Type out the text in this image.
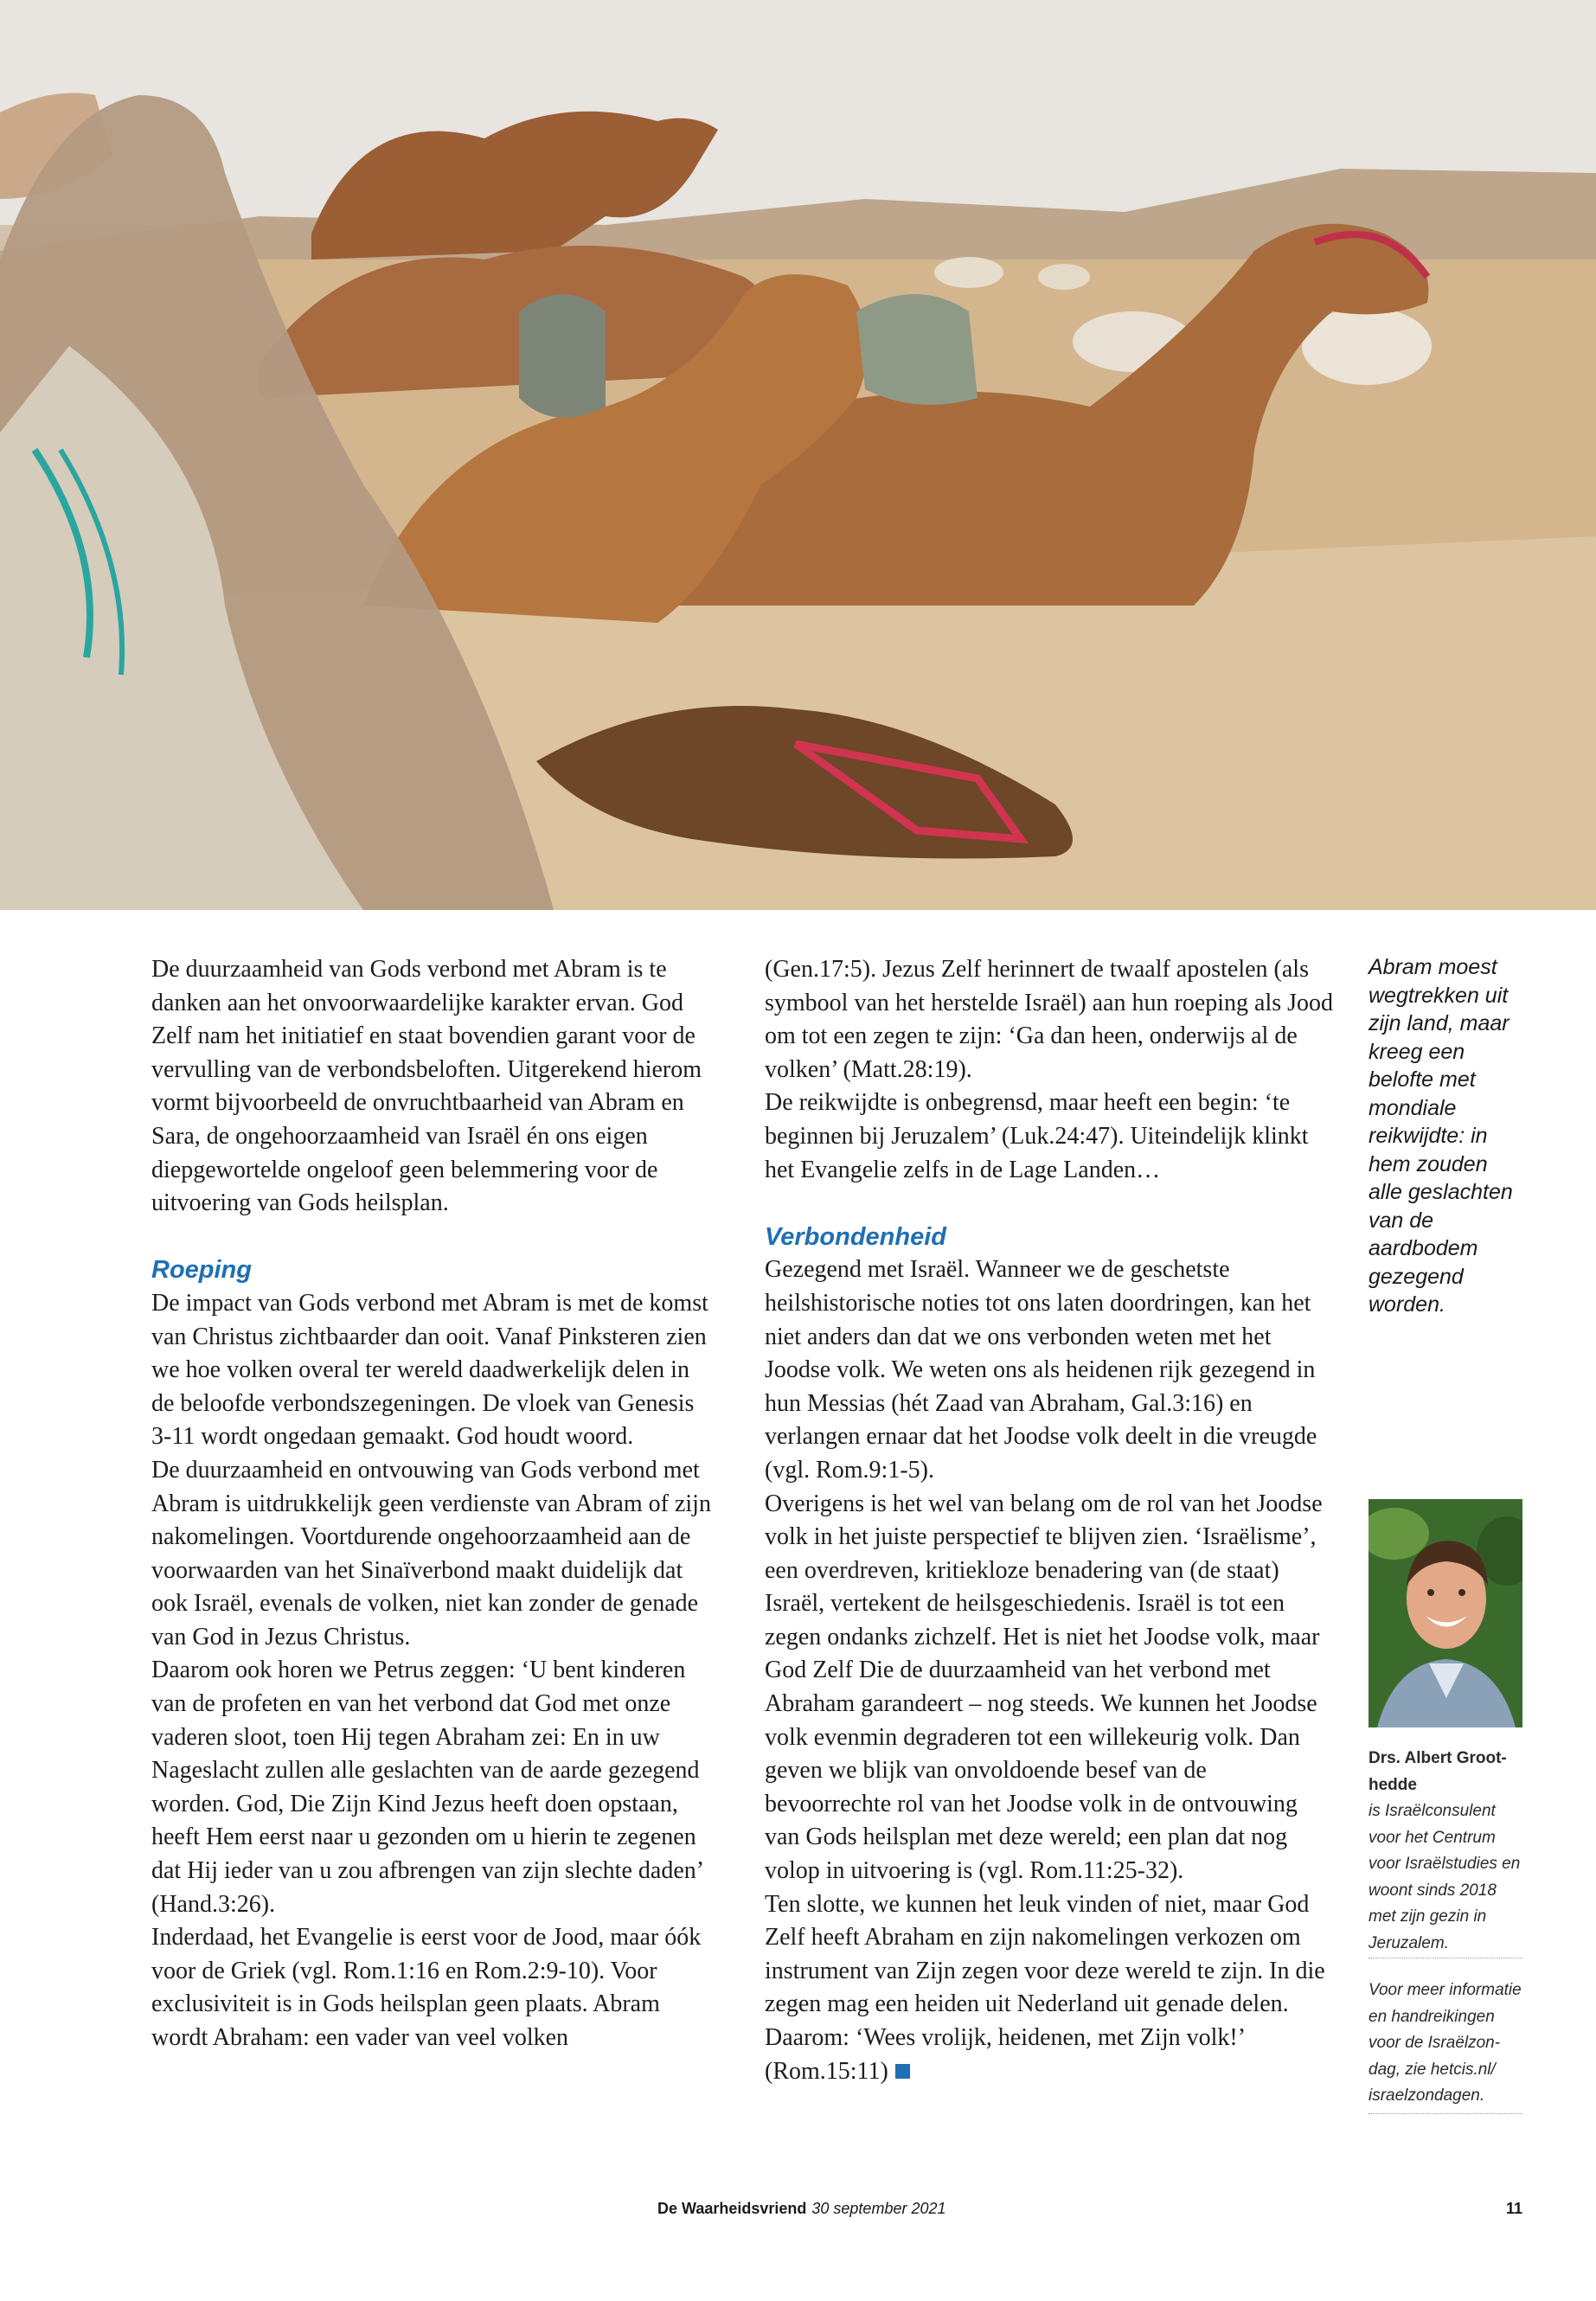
De duurzaamheid van Gods verbond met Abram is te danken aan het onvoorwaardelijke karakter ervan. God Zelf nam het initiatief en staat bovendien garant voor de vervulling van de verbondsbeloften. Uitgerekend hierom vormt bijvoorbeeld de onvruchtbaarheid van Abram en Sara, de ongehoorzaamheid van Israël én ons eigen diepgewortelde ongeloof geen belemmering voor de uitvoering van Gods heilsplan.

Roeping

De impact van Gods verbond met Abram is met de komst van Christus zichtbaarder dan ooit. Vanaf Pinksteren zien we hoe volken overal ter wereld daadwerkelijk delen in de beloofde verbondszegeningen. De vloek van Genesis 3-11 wordt ongedaan gemaakt. God houdt woord.

De duurzaamheid en ontvouwing van Gods verbond met Abram is uitdrukkelijk geen verdienste van Abram of zijn nakomelingen. Voortdurende ongehoorzaamheid aan de voorwaarden van het Sinaïverbond maakt duidelijk dat ook Israël, evenals de volken, niet kan zonder de genade van God in Jezus Christus.

Daarom ook horen we Petrus zeggen: ‘U bent kinderen van de profeten en van het verbond dat God met onze vaderen sloot, toen Hij tegen Abraham zei: En in uw Nageslacht zullen alle geslachten van de aarde gezegend worden. God, Die Zijn Kind Jezus heeft doen opstaan, heeft Hem eerst naar u gezonden om u hierin te zegenen dat Hij ieder van u zou afbrengen van zijn slechte daden’ (Hand.3:26).

Inderdaad, het Evangelie is eerst voor de Jood, maar óók voor de Griek (vgl. Rom.1:16 en Rom.2:9-10). Voor exclusiviteit is in Gods heilsplan geen plaats. Abram wordt Abraham: een vader van veel volken

(Gen.17:5). Jezus Zelf herinnert de twaalf apostelen (als symbool van het herstelde Israël) aan hun roeping als Jood om tot een zegen te zijn: ‘Ga dan heen, onderwijs al de volken’ (Matt.28:19).

De reikwijdte is onbegrensd, maar heeft een begin: ‘te beginnen bij Jeruzalem’ (Luk.24:47). Uiteindelijk klinkt het Evangelie zelfs in de Lage Landen…

Verbondenheid

Gezegend met Israël. Wanneer we de geschetste heilshistorische noties tot ons laten doordringen, kan het niet anders dan dat we ons verbonden weten met het Joodse volk. We weten ons als heidenen rijk gezegend in hun Messias (hét Zaad van Abraham, Gal.3:16) en verlangen ernaar dat het Joodse volk deelt in die vreugde (vgl. Rom.9:1-5).

Overigens is het wel van belang om de rol van het Joodse volk in het juiste perspectief te blijven zien. ‘Israëlisme’, een overdreven, kritiekloze benadering van (de staat) Israël, vertekent de heilsgeschiedenis. Israël is tot een zegen ondanks zichzelf. Het is niet het Joodse volk, maar God Zelf Die de duurzaamheid van het verbond met Abraham garandeert – nog steeds. We kunnen het Joodse volk evenmin degraderen tot een willekeurig volk. Dan geven we blijk van onvoldoende besef van de bevoorrechte rol van het Joodse volk in de ontvouwing van Gods heilsplan met deze wereld; een plan dat nog volop in uitvoering is (vgl. Rom.11:25-32).

Ten slotte, we kunnen het leuk vinden of niet, maar God Zelf heeft Abraham en zijn nakomelingen verkozen om instrument van Zijn zegen voor deze wereld te zijn. In die zegen mag een heiden uit Nederland uit genade delen. Daarom: ‘Wees vrolijk, heidenen, met Zijn volk!’ (Rom.15:11)

Abram moest wegtrekken uit zijn land, maar kreeg een belofte met mondiale reikwijdte: in hem zouden alle geslachten van de aardbodem gezegend worden.
Drs. Albert Groothedde
is Israëlconsulent voor het Centrum voor Israëlstudies en woont sinds 2018 met zijn gezin in Jeruzalem.
Voor meer informatie en handreikingen voor de Israëlzondag, zie hetcis.nl/ israelzondagen.
De Waarheidsvriend 30 september 2021	11
